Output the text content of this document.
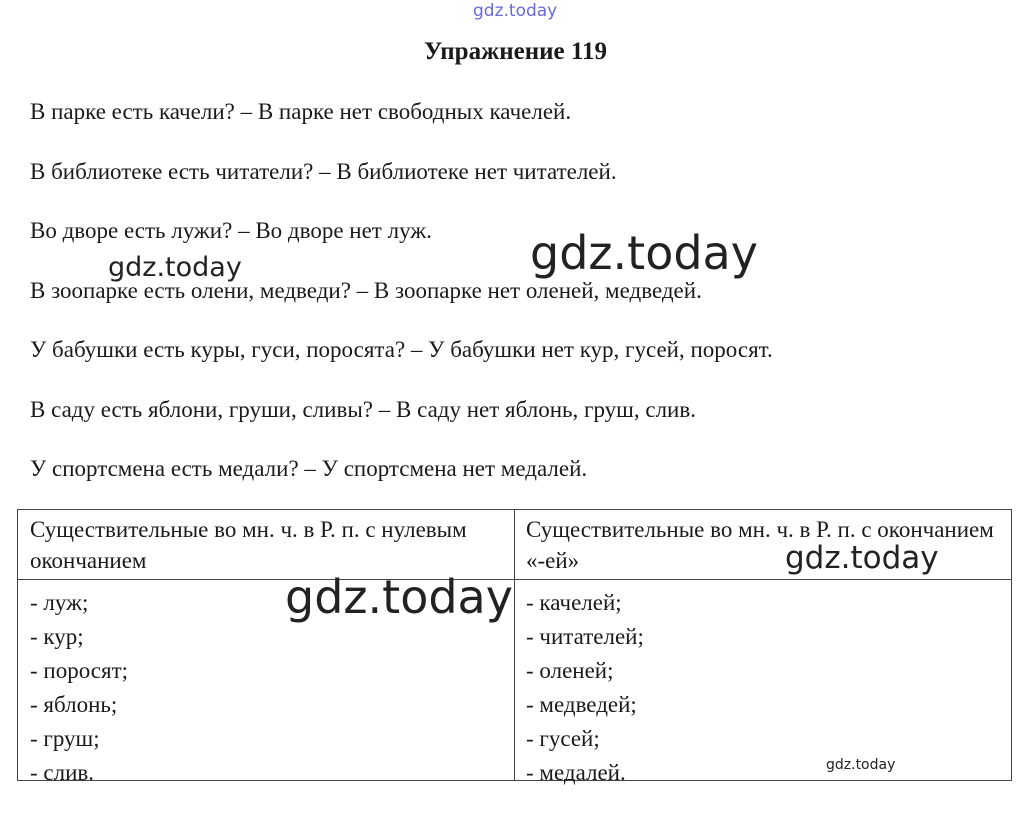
gdz.today
Упражнение 119
В парке есть качели? – В парке нет свободных качелей.
В библиотеке есть читатели? – В библиотеке нет читателей.
Во дворе есть лужи? – Во дворе нет луж.
В зоопарке есть олени, медведи? – В зоопарке нет оленей, медведей.
У бабушки есть куры, гуси, поросята? – У бабушки нет кур, гусей, поросят.
В саду есть яблони, груши, сливы? – В саду нет яблонь, груш, слив.
У спортсмена есть медали? – У спортсмена нет медалей.
Существительные во мн. ч. в Р. п. с нулевым окончанием
Существительные во мн. ч. в Р. п. с окончанием «-ей»
- луж;
- кур;
- поросят;
- яблонь;
- груш;
- слив.
- качелей;
- читателей;
- оленей;
- медведей;
- гусей;
- медалей.
gdz.today
gdz.today
gdz.today
gdz.today
gdz.today
